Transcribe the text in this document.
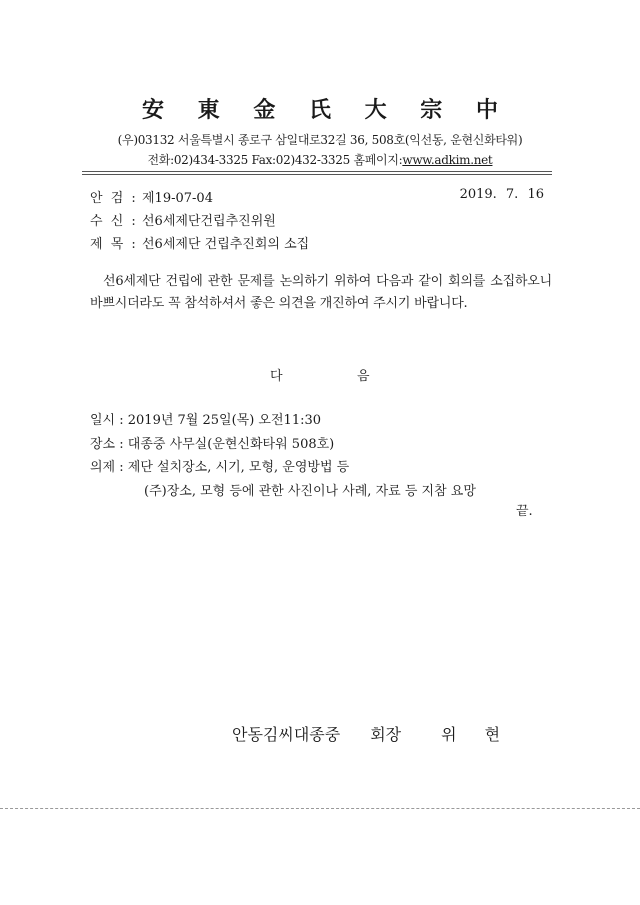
安 東 金 氏 大 宗 中
(우)03132 서울특별시 종로구 삼일대로32길 36, 508호(익선동, 운현신화타워)
전화:02)434-3325 Fax:02)432-3325 홈페이지:www.adkim.net
안 검 : 제19-07-04	2019. 7. 16
수 신 : 선6세제단건립추진위원
제 목 : 선6세제단 건립추진회의 소집
선6세제단 건립에 관한 문제를 논의하기 위하여 다음과 같이 회의를 소집하오니 바쁘시더라도 꼭 참석하셔서 좋은 의견을 개진하여 주시기 바랍니다.
다	음
일시 : 2019년 7월 25일(목) 오전11:30
장소 : 대종중 사무실(운현신화타워 508호)
의제 : 제단 설치장소, 시기, 모형, 운영방법 등
(주)장소, 모형 등에 관한 사진이나 사례, 자료 등 지참 요망
끝.
안동김씨대종중 회장	위 현
